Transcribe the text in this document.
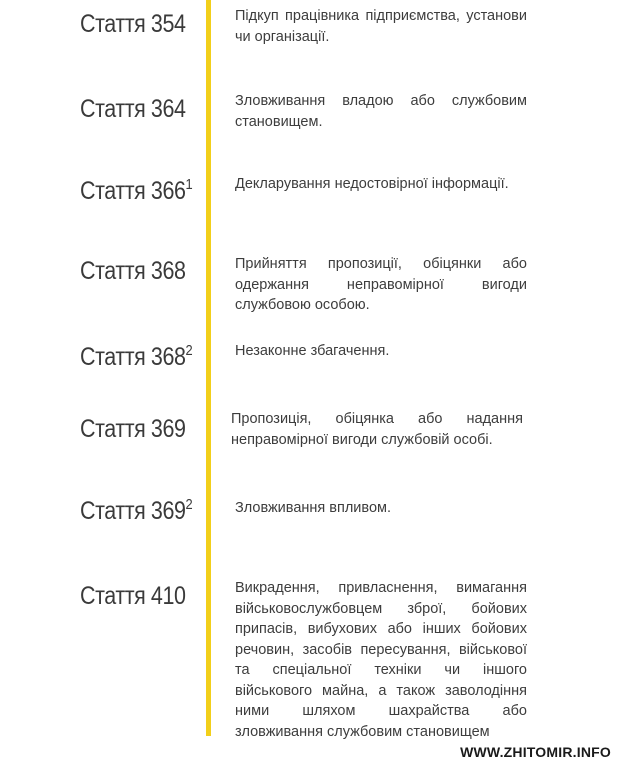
Стаття 354	Підкуп працівника підприємства, установи чи організації.
Стаття 364	Зловживання владою або службовим становищем.
Стаття $366^1$	Декларування недостовірної інформації.
Стаття 368	Прийняття пропозиції, обіцянки або одержання неправомірної вигоди службовою особою.
Стаття $368^2$	Незаконне збагачення.
Стаття 369	Пропозиція, обіцянка або надання неправомірної вигоди службовій особі.
Стаття $369^2$	Зловживання впливом.
Стаття 410	Викрадення, привласнення, вимагання військовослужбовцем зброї, бойових припасів, вибухових або інших бойових речовин, засобів пересування, військової та спеціальної техніки чи іншого військового майна, а також заволодіння ними шляхом шахрайства або зловживання службовим становищем
WWW.ZHITOMIR.INFO
